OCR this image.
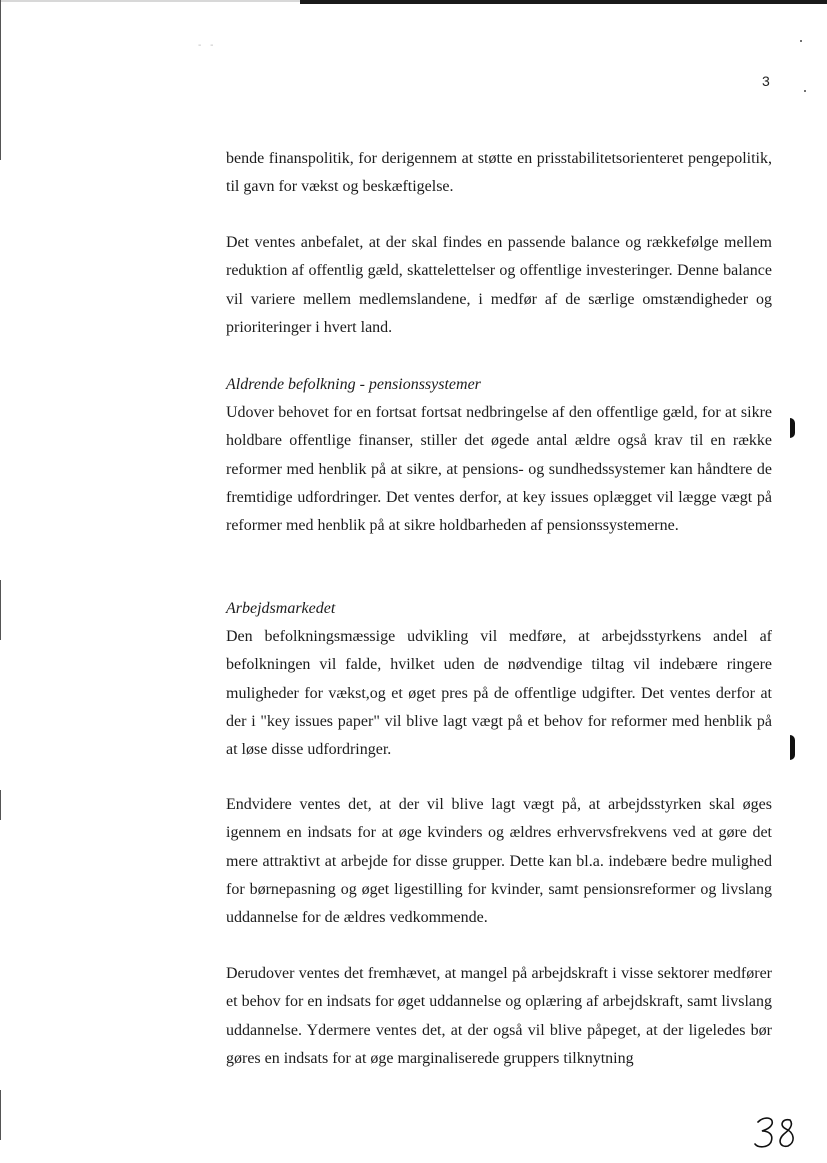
- -
3

bende finanspolitik, for derigennem at støtte en prisstabilitetsorienteret pengepolitik, til gavn for vækst og beskæftigelse.

Det ventes anbefalet, at der skal findes en passende balance og rækkefølge mellem reduktion af offentlig gæld, skattelettelser og offentlige investeringer. Denne balance vil variere mellem medlemslandene, i medfør af de særlige omstændigheder og prioriteringer i hvert land.

Aldrende befolkning - pensionssystemer

Udover behovet for en fortsat fortsat nedbringelse af den offentlige gæld, for at sikre holdbare offentlige finanser, stiller det øgede antal ældre også krav til en række reformer med henblik på at sikre, at pensions- og sundhedssystemer kan håndtere de fremtidige udfordringer. Det ventes derfor, at key issues oplægget vil lægge vægt på reformer med henblik på at sikre holdbarheden af pensionssystemerne.

Arbejdsmarkedet

Den befolkningsmæssige udvikling vil medføre, at arbejdsstyrkens andel af befolkningen vil falde, hvilket uden de nødvendige tiltag vil indebære ringere muligheder for vækst,og et øget pres på de offentlige udgifter. Det ventes derfor at der i "key issues paper" vil blive lagt vægt på et behov for reformer med henblik på at løse disse udfordringer.

Endvidere ventes det, at der vil blive lagt vægt på, at arbejdsstyrken skal øges igennem en indsats for at øge kvinders og ældres erhvervsfrekvens ved at gøre det mere attraktivt at arbejde for disse grupper. Dette kan bl.a. indebære bedre mulighed for børnepasning og øget ligestilling for kvinder, samt pensionsreformer og livslang uddannelse for de ældres vedkommende.

Derudover ventes det fremhævet, at mangel på arbejdskraft i visse sektorer medfører et behov for en indsats for øget uddannelse og oplæring af arbejdskraft, samt livslang uddannelse. Ydermere ventes det, at der også vil blive påpeget, at der ligeledes bør gøres en indsats for at øge marginaliserede gruppers tilknytning
